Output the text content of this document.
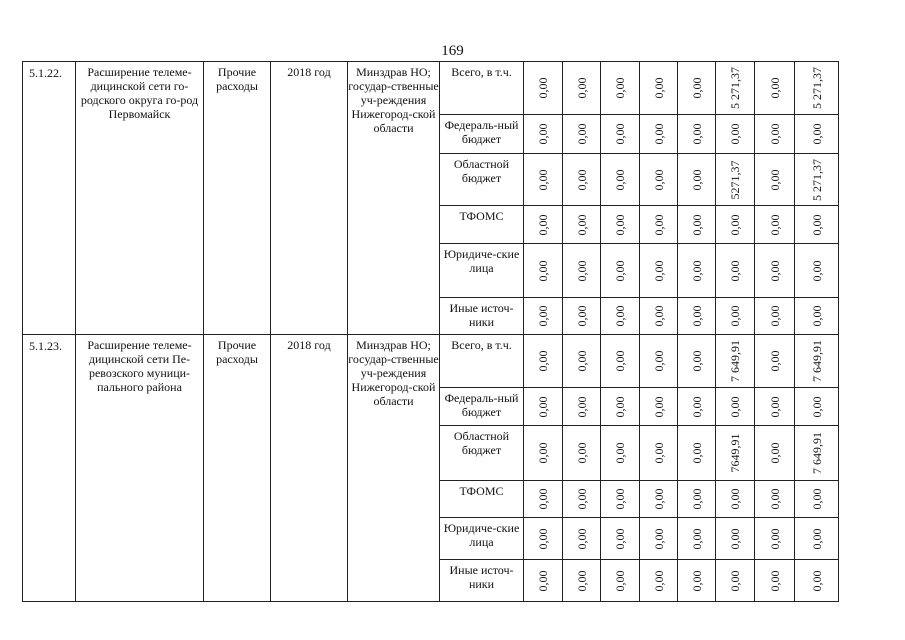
169
5.1.22.	Расширение телеме-дицинской сети го-родского округа го-род Первомайск	Прочие расходы	2018 год	Минздрав НО; государ-ственные уч-реждения Нижегород-ской области	Всего, в т.ч.	0,00	0,00	0,00	0,00	0,00	5 271,37	0,00	5 271,37

					Федераль-ный бюджет	0,00	0,00	0,00	0,00	0,00	0,00	0,00	0,00

					Областной бюджет	0,00	0,00	0,00	0,00	0,00	5271,37	0,00	5 271,37

					ТФОМС	0,00	0,00	0,00	0,00	0,00	0,00	0,00	0,00

					Юридиче-ские лица	0,00	0,00	0,00	0,00	0,00	0,00	0,00	0,00

					Иные источ-ники	0,00	0,00	0,00	0,00	0,00	0,00	0,00	0,00

5.1.23.	Расширение телеме-дицинской сети Пе-ревозского муници-пального района	Прочие расходы	2018 год	Минздрав НО; государ-ственные уч-реждения Нижегород-ской области	Всего, в т.ч.	0,00	0,00	0,00	0,00	0,00	7 649,91	0,00	7 649,91

					Федераль-ный бюджет	0,00	0,00	0,00	0,00	0,00	0,00	0,00	0,00

					Областной бюджет	0,00	0,00	0,00	0,00	0,00	7649,91	0,00	7 649,91

					ТФОМС	0,00	0,00	0,00	0,00	0,00	0,00	0,00	0,00

					Юридиче-ские лица	0,00	0,00	0,00	0,00	0,00	0,00	0,00	0,00

					Иные источ-ники	0,00	0,00	0,00	0,00	0,00	0,00	0,00	0,00
